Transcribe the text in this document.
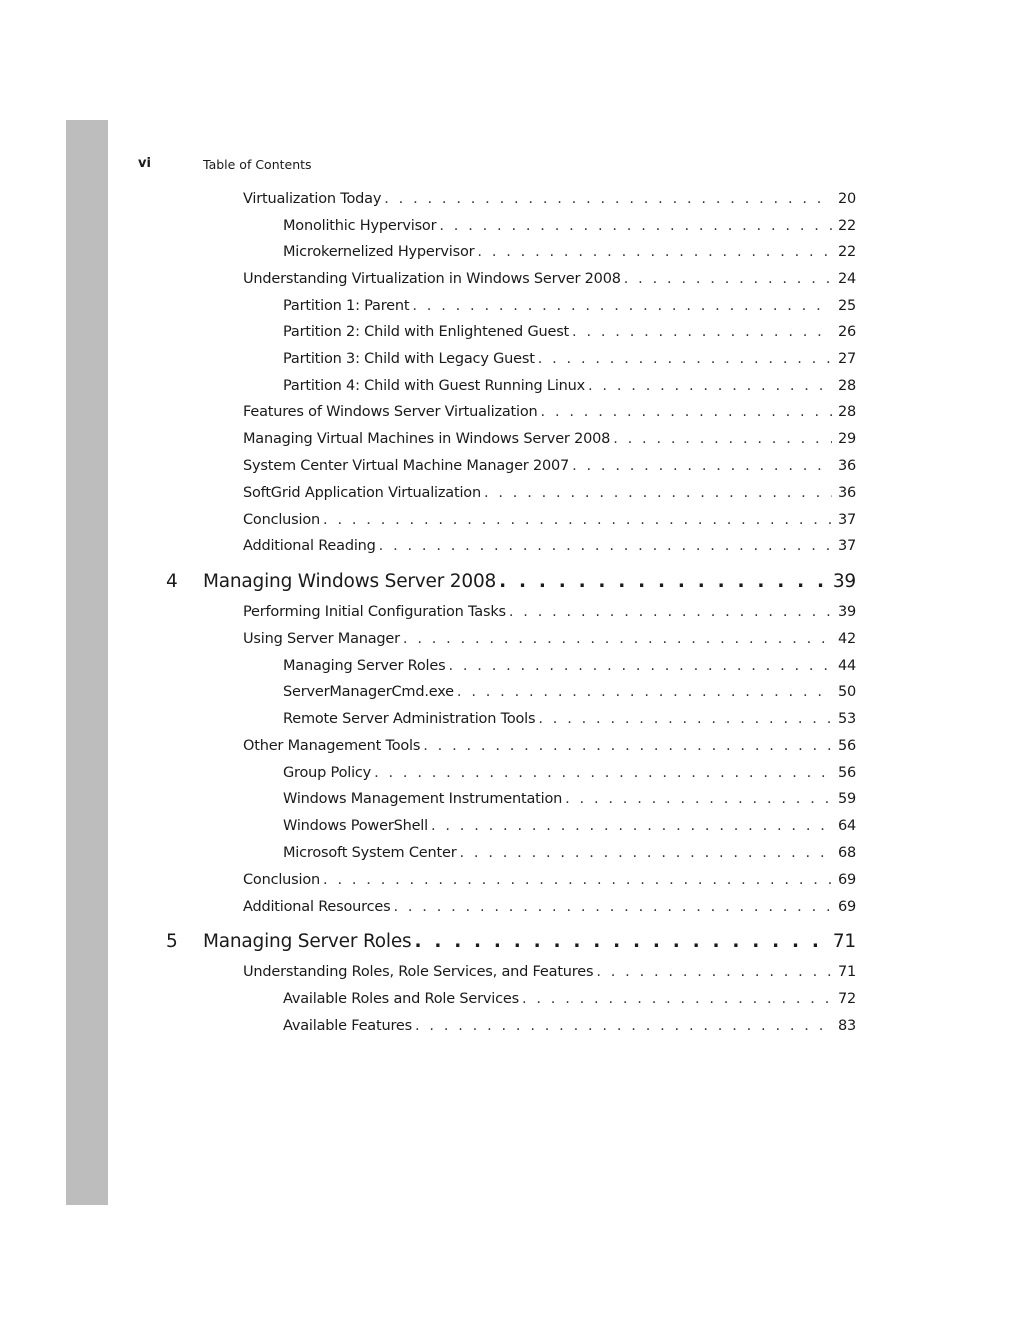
vi	Table of Contents
Virtualization Today . . .	20
Monolithic Hypervisor . . .	22
Microkernelized Hypervisor . . .	22
Understanding Virtualization in Windows Server 2008 . . .	24
Partition 1: Parent . . .	25
Partition 2: Child with Enlightened Guest . . .	26
Partition 3: Child with Legacy Guest . . .	27
Partition 4: Child with Guest Running Linux . . .	28
Features of Windows Server Virtualization . . .	28
Managing Virtual Machines in Windows Server 2008 . . .	29
System Center Virtual Machine Manager 2007 . . .	36
SoftGrid Application Virtualization . . .	36
Conclusion . . .	37
Additional Reading . . .	37
4 Managing Windows Server 2008 . . .	39
Performing Initial Configuration Tasks . . .	39
Using Server Manager . . .	42
Managing Server Roles . . .	44
ServerManagerCmd.exe . . .	50
Remote Server Administration Tools . . .	53
Other Management Tools . . .	56
Group Policy . . .	56
Windows Management Instrumentation . . .	59
Windows PowerShell . . .	64
Microsoft System Center . . .	68
Conclusion . . .	69
Additional Resources . . .	69
5 Managing Server Roles . . .	71
Understanding Roles, Role Services, and Features . . .	71
Available Roles and Role Services . . .	72
Available Features . . .	83
